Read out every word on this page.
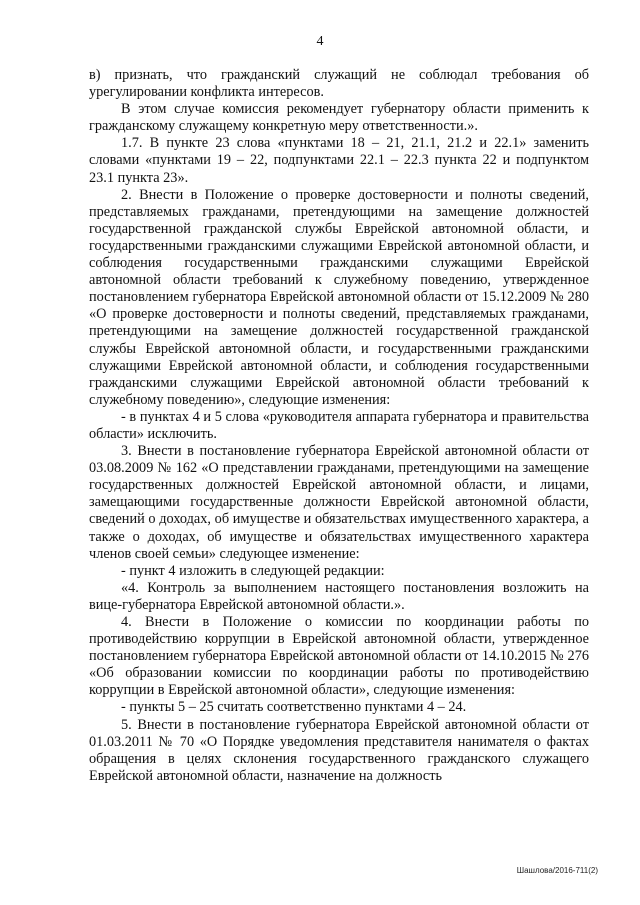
4

в) признать, что гражданский служащий не соблюдал требования об урегулировании конфликта интересов.

В этом случае комиссия рекомендует губернатору области применить к гражданскому служащему конкретную меру ответственности.».

1.7. В пункте 23 слова «пунктами 18 – 21, 21.1, 21.2 и 22.1» заменить словами «пунктами 19 – 22, подпунктами 22.1 – 22.3 пункта 22 и подпунктом 23.1 пункта 23».

2. Внести в Положение о проверке достоверности и полноты сведений, представляемых гражданами, претендующими на замещение должностей государственной гражданской службы Еврейской автономной области, и государственными гражданскими служащими Еврейской автономной области, и соблюдения государственными гражданскими служащими Еврейской автономной области требований к служебному поведению, утвержденное постановлением губернатора Еврейской автономной области от 15.12.2009 № 280 «О проверке достоверности и полноты сведений, представляемых гражданами, претендующими на замещение должностей государственной гражданской службы Еврейской автономной области, и государственными гражданскими служащими Еврейской автономной области, и соблюдения государственными гражданскими служащими Еврейской автономной области требований к служебному поведению», следующие изменения:

- в пунктах 4 и 5 слова «руководителя аппарата губернатора и правительства области» исключить.

3. Внести в постановление губернатора Еврейской автономной области от 03.08.2009 № 162 «О представлении гражданами, претендующими на замещение государственных должностей Еврейской автономной области, и лицами, замещающими государственные должности Еврейской автономной области, сведений о доходах, об имуществе и обязательствах имущественного характера, а также о доходах, об имуществе и обязательствах имущественного характера членов своей семьи» следующее изменение:

- пункт 4 изложить в следующей редакции:

«4. Контроль за выполнением настоящего постановления возложить на вице-губернатора Еврейской автономной области.».

4. Внести в Положение о комиссии по координации работы по противодействию коррупции в Еврейской автономной области, утвержденное постановлением губернатора Еврейской автономной области от 14.10.2015 № 276 «Об образовании комиссии по координации работы по противодействию коррупции в Еврейской автономной области», следующие изменения:

- пункты 5 – 25 считать соответственно пунктами 4 – 24.

5. Внести в постановление губернатора Еврейской автономной области от 01.03.2011 № 70 «О Порядке уведомления представителя нанимателя о фактах обращения в целях склонения государственного гражданского служащего Еврейской автономной области, назначение на должность

Шашлова/2016-711(2)
